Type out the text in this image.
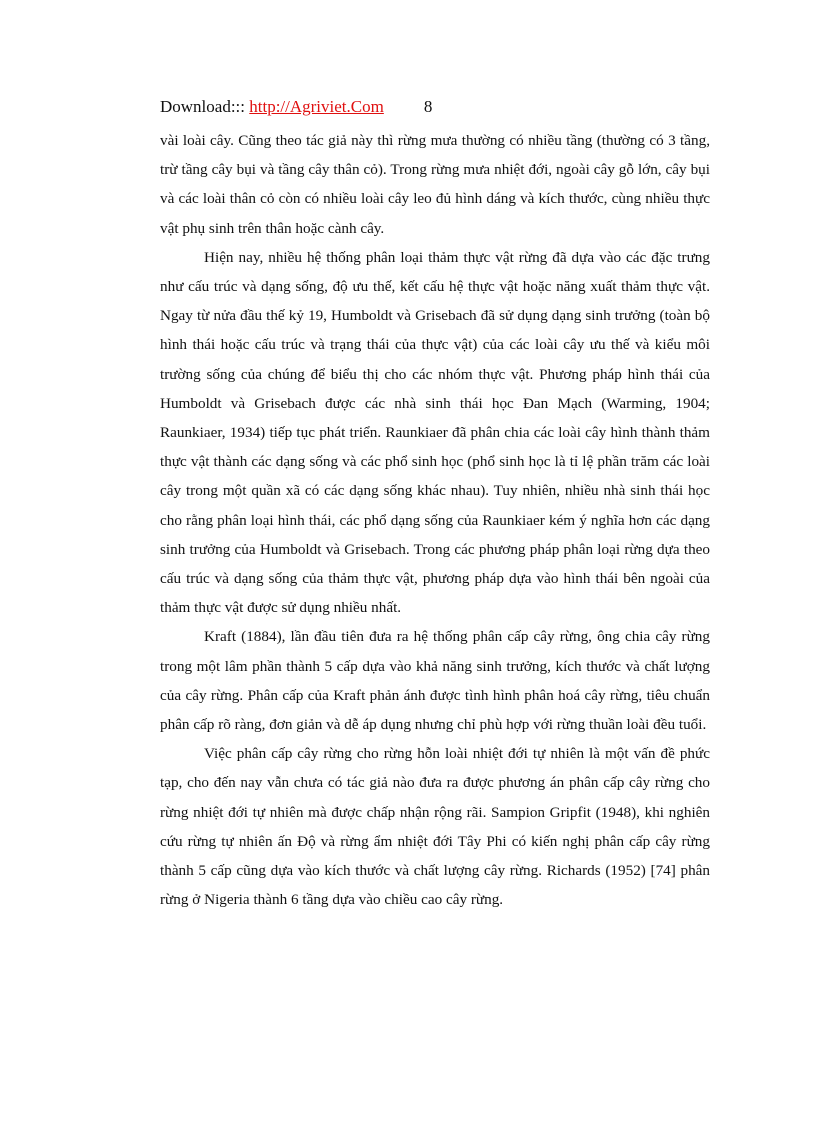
Download::: http://Agriviet.Com 8

vài loài cây. Cũng theo tác giả này thì rừng mưa thường có nhiều tầng (thường có 3 tầng, trừ tầng cây bụi và tầng cây thân cỏ). Trong rừng mưa nhiệt đới, ngoài cây gỗ lớn, cây bụi và các loài thân cỏ còn có nhiều loài cây leo đủ hình dáng và kích thước, cùng nhiều thực vật phụ sinh trên thân hoặc cành cây.

Hiện nay, nhiều hệ thống phân loại thảm thực vật rừng đã dựa vào các đặc trưng như cấu trúc và dạng sống, độ ưu thế, kết cấu hệ thực vật hoặc năng xuất thảm thực vật. Ngay từ nửa đầu thế kỷ 19, Humboldt và Grisebach đã sử dụng dạng sinh trưởng (toàn bộ hình thái hoặc cấu trúc và trạng thái của thực vật) của các loài cây ưu thế và kiểu môi trường sống của chúng để biểu thị cho các nhóm thực vật. Phương pháp hình thái của Humboldt và Grisebach được các nhà sinh thái học Đan Mạch (Warming, 1904; Raunkiaer, 1934) tiếp tục phát triển. Raunkiaer đã phân chia các loài cây hình thành thảm thực vật thành các dạng sống và các phổ sinh học (phổ sinh học là tỉ lệ phần trăm các loài cây trong một quần xã có các dạng sống khác nhau). Tuy nhiên, nhiều nhà sinh thái học cho rằng phân loại hình thái, các phổ dạng sống của Raunkiaer kém ý nghĩa hơn các dạng sinh trưởng của Humboldt và Grisebach. Trong các phương pháp phân loại rừng dựa theo cấu trúc và dạng sống của thảm thực vật, phương pháp dựa vào hình thái bên ngoài của thảm thực vật được sử dụng nhiều nhất.

Kraft (1884), lần đầu tiên đưa ra hệ thống phân cấp cây rừng, ông chia cây rừng trong một lâm phần thành 5 cấp dựa vào khả năng sinh trưởng, kích thước và chất lượng của cây rừng. Phân cấp của Kraft phản ánh được tình hình phân hoá cây rừng, tiêu chuẩn phân cấp rõ ràng, đơn giản và dễ áp dụng nhưng chỉ phù hợp với rừng thuần loài đều tuổi.

Việc phân cấp cây rừng cho rừng hỗn loài nhiệt đới tự nhiên là một vấn đề phức tạp, cho đến nay vẫn chưa có tác giả nào đưa ra được phương án phân cấp cây rừng cho rừng nhiệt đới tự nhiên mà được chấp nhận rộng rãi. Sampion Gripfit (1948), khi nghiên cứu rừng tự nhiên ấn Độ và rừng ẩm nhiệt đới Tây Phi có kiến nghị phân cấp cây rừng thành 5 cấp cũng dựa vào kích thước và chất lượng cây rừng. Richards (1952) [74] phân rừng ở Nigeria thành 6 tầng dựa vào chiều cao cây rừng.
